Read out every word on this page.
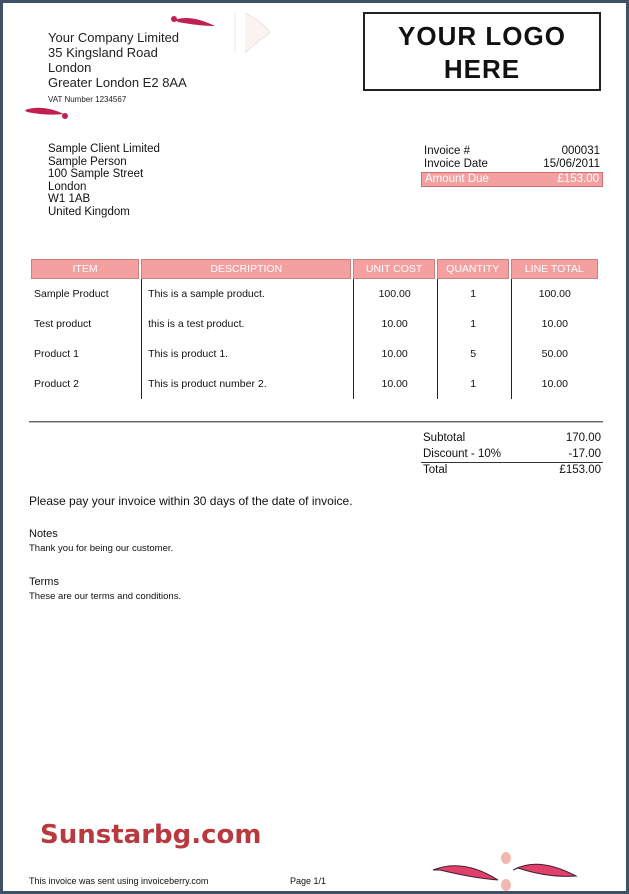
Your Company Limited
35 Kingsland Road
London
Greater London E2 8AA
VAT Number 1234567
YOUR LOGO
HERE
Sample Client Limited
Sample Person
100 Sample Street
London
W1 1AB
United Kingdom
Invoice #	000031
Invoice Date	15/06/2011
Amount Due	£153.00
ITEM	DESCRIPTION	UNIT COST	QUANTITY	LINE TOTAL
Sample Product	This is a sample product.	100.00	1	100.00
Test product	this is a test product.	10.00	1	10.00
Product 1	This is product 1.	10.00	5	50.00
Product 2	This is product number 2.	10.00	1	10.00
Subtotal	170.00
Discount - 10%	-17.00
Total	£153.00
Please pay your invoice within 30 days of the date of invoice.
Notes
Thank you for being our customer.
Terms
These are our terms and conditions.
Sunstarbg.com
This invoice was sent using invoiceberry.com	Page 1/1
